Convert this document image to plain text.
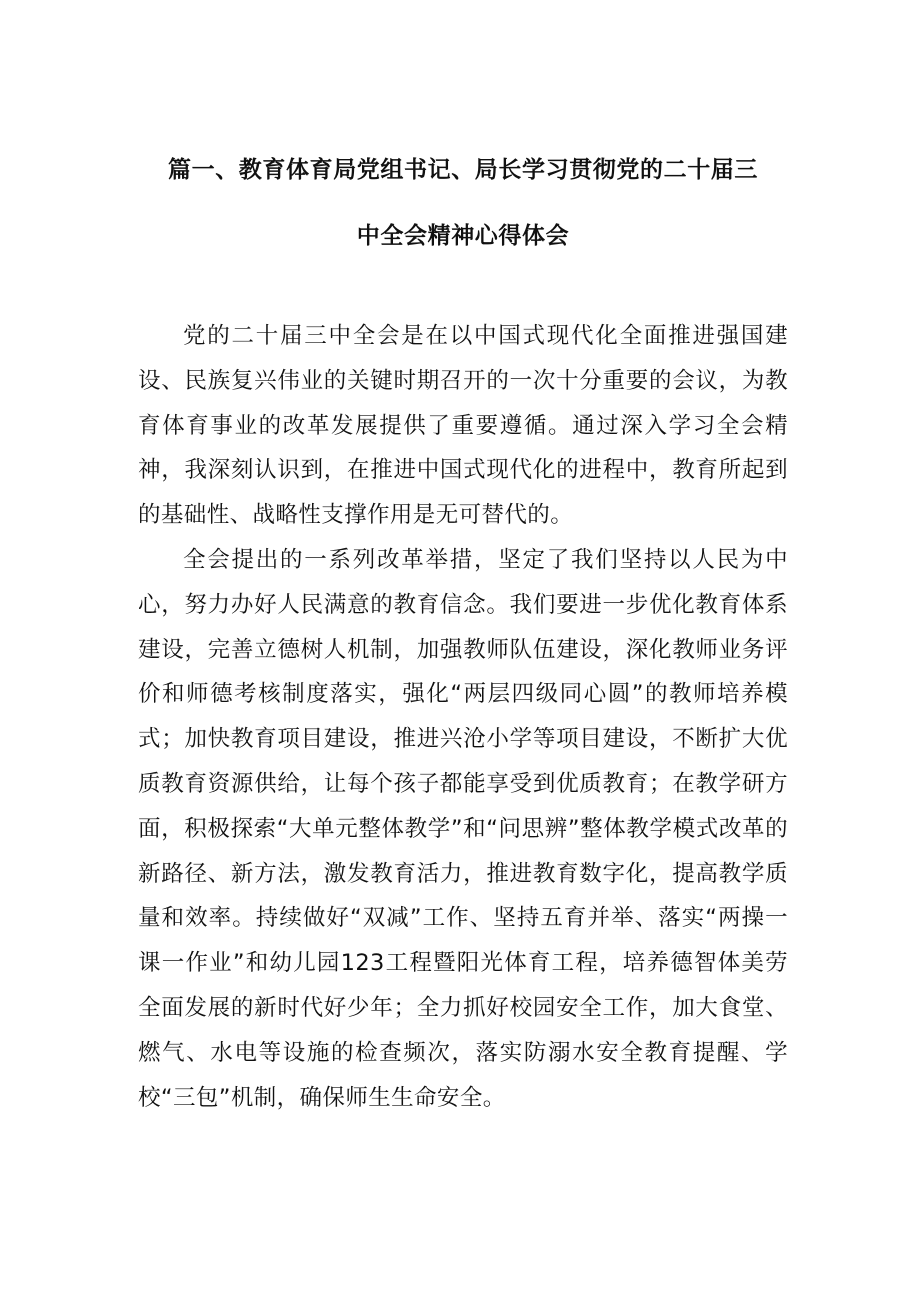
篇一、教育体育局党组书记、局长学习贯彻党的二十届三
中全会精神心得体会

党的二十届三中全会是在以中国式现代化全面推进强国建设、民族复兴伟业的关键时期召开的一次十分重要的会议，为教育体育事业的改革发展提供了重要遵循。通过深入学习全会精神，我深刻认识到，在推进中国式现代化的进程中，教育所起到的基础性、战略性支撑作用是无可替代的。

全会提出的一系列改革举措，坚定了我们坚持以人民为中心，努力办好人民满意的教育信念。我们要进一步优化教育体系建设，完善立德树人机制，加强教师队伍建设，深化教师业务评价和师德考核制度落实，强化“两层四级同心圆”的教师培养模式；加快教育项目建设，推进兴沧小学等项目建设，不断扩大优质教育资源供给，让每个孩子都能享受到优质教育；在教学研方面，积极探索“大单元整体教学”和“问思辨”整体教学模式改革的新路径、新方法，激发教育活力，推进教育数字化，提高教学质量和效率。持续做好“双减”工作、坚持五育并举、落实“两操一课一作业”和幼儿园123工程暨阳光体育工程，培养德智体美劳全面发展的新时代好少年；全力抓好校园安全工作，加大食堂、燃气、水电等设施的检查频次，落实防溺水安全教育提醒、学校“三包”机制，确保师生生命安全。
